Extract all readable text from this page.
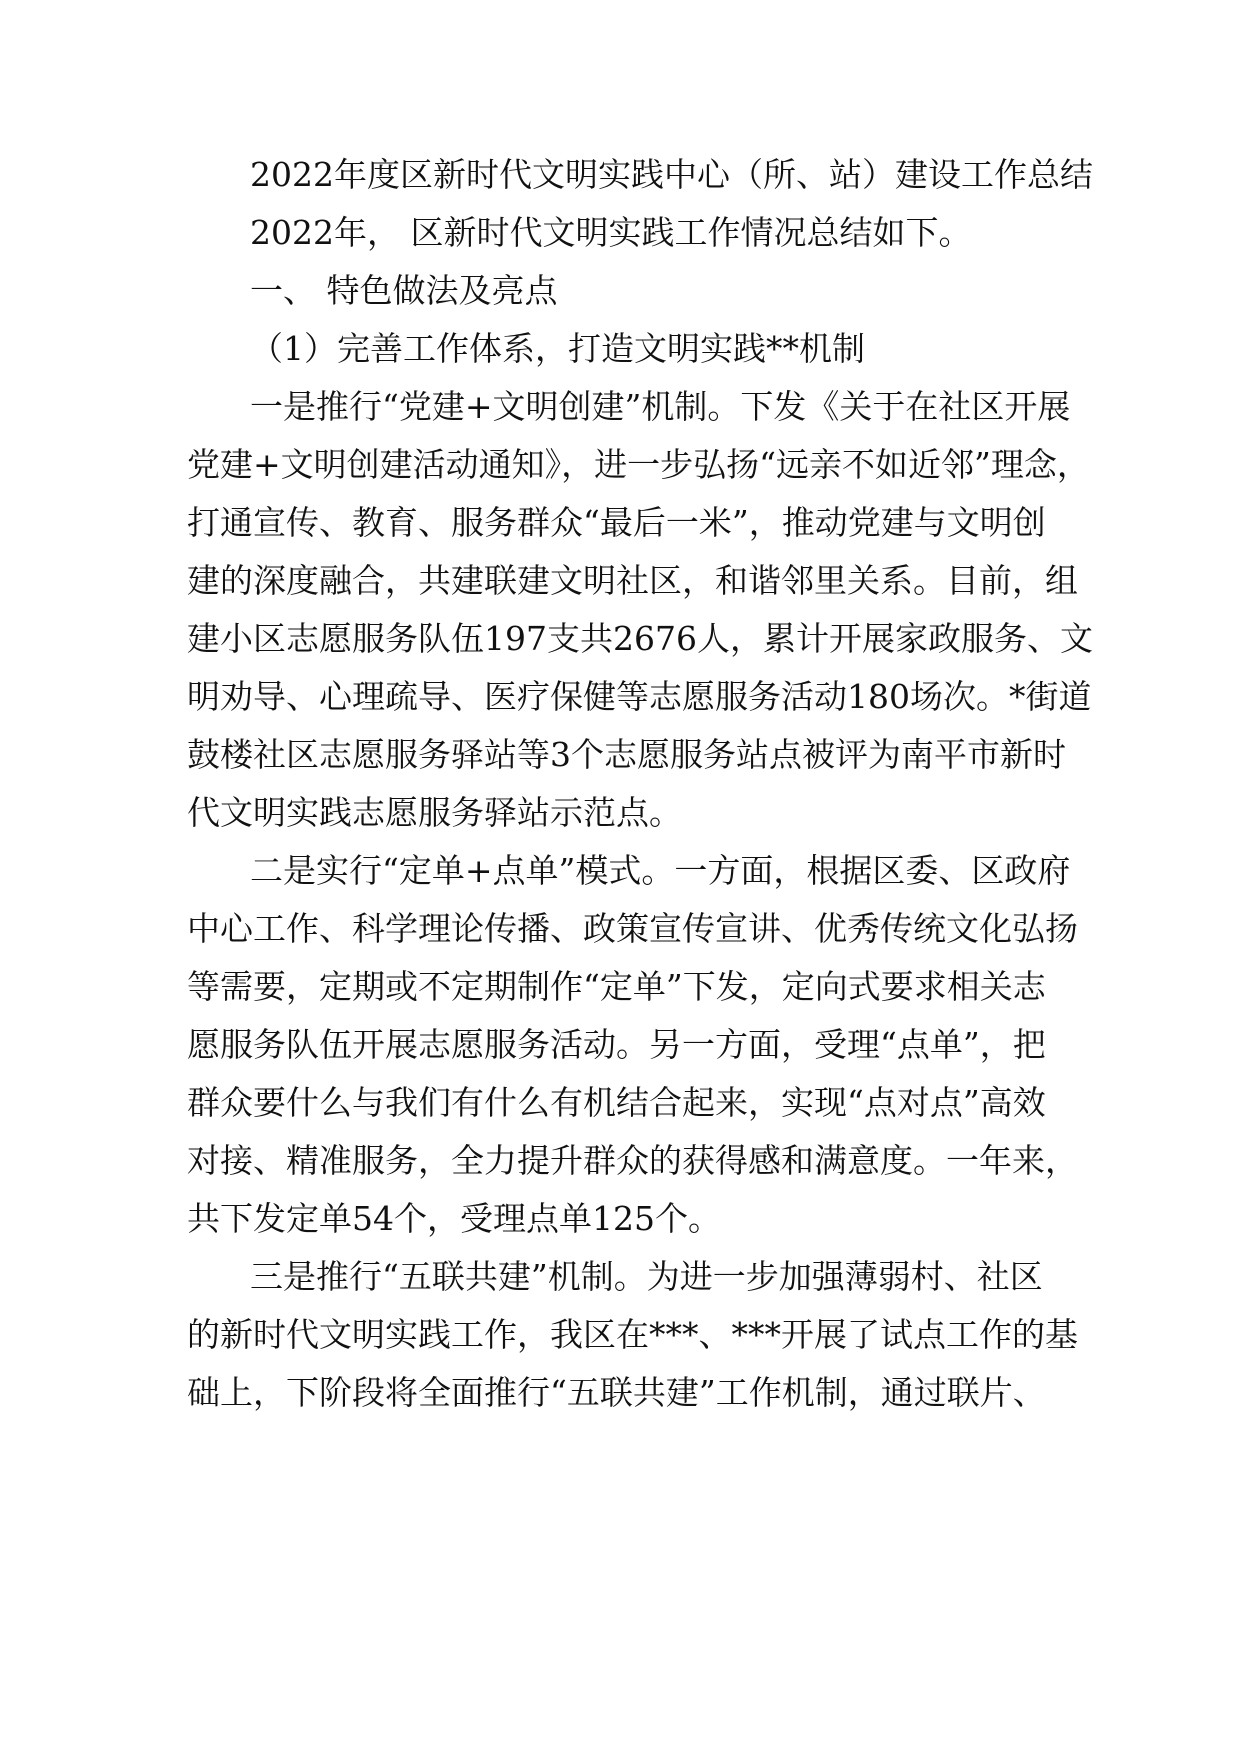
2022年度区新时代文明实践中心（所、站）建设工作总结
2022年， 区新时代文明实践工作情况总结如下。
一、 特色做法及亮点
（1）完善工作体系，打造文明实践**机制
一是推行“党建+文明创建”机制。下发《关于在社区开展
党建+文明创建活动通知》，进一步弘扬“远亲不如近邻”理念，
打通宣传、教育、服务群众“最后一米”，推动党建与文明创
建的深度融合，共建联建文明社区，和谐邻里关系。目前，组
建小区志愿服务队伍197支共2676人，累计开展家政服务、文
明劝导、心理疏导、医疗保健等志愿服务活动180场次。*街道
鼓楼社区志愿服务驿站等3个志愿服务站点被评为南平市新时
代文明实践志愿服务驿站示范点。
二是实行“定单+点单”模式。一方面，根据区委、区政府
中心工作、科学理论传播、政策宣传宣讲、优秀传统文化弘扬
等需要，定期或不定期制作“定单”下发，定向式要求相关志
愿服务队伍开展志愿服务活动。另一方面，受理“点单”，把
群众要什么与我们有什么有机结合起来，实现“点对点”高效
对接、精准服务，全力提升群众的获得感和满意度。一年来，
共下发定单54个，受理点单125个。
三是推行“五联共建”机制。为进一步加强薄弱村、社区
的新时代文明实践工作，我区在***、***开展了试点工作的基
础上，下阶段将全面推行“五联共建”工作机制，通过联片、
